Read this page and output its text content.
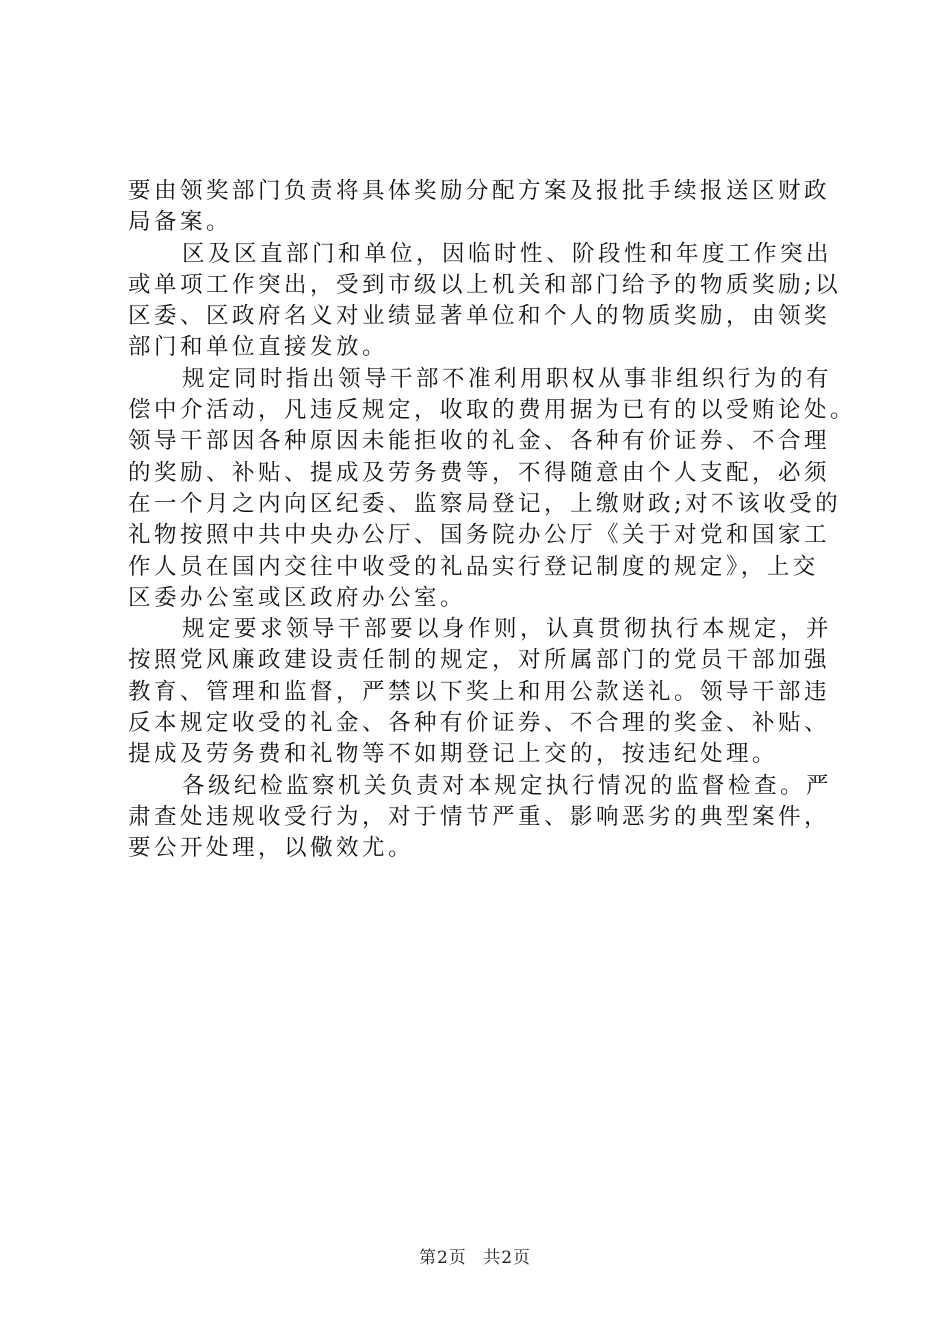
要由领奖部门负责将具体奖励分配方案及报批手续报送区财政
局备案。
区及区直部门和单位，因临时性、阶段性和年度工作突出
或单项工作突出，受到市级以上机关和部门给予的物质奖励;以
区委、区政府名义对业绩显著单位和个人的物质奖励，由领奖
部门和单位直接发放。
规定同时指出领导干部不准利用职权从事非组织行为的有
偿中介活动，凡违反规定，收取的费用据为已有的以受贿论处。
领导干部因各种原因未能拒收的礼金、各种有价证券、不合理
的奖励、补贴、提成及劳务费等，不得随意由个人支配，必须
在一个月之内向区纪委、监察局登记，上缴财政;对不该收受的
礼物按照中共中央办公厅、国务院办公厅《关于对党和国家工
作人员在国内交往中收受的礼品实行登记制度的规定》，上交
区委办公室或区政府办公室。
规定要求领导干部要以身作则，认真贯彻执行本规定，并
按照党风廉政建设责任制的规定，对所属部门的党员干部加强
教育、管理和监督，严禁以下奖上和用公款送礼。领导干部违
反本规定收受的礼金、各种有价证券、不合理的奖金、补贴、
提成及劳务费和礼物等不如期登记上交的，按违纪处理。
各级纪检监察机关负责对本规定执行情况的监督检查。严
肃查处违规收受行为，对于情节严重、影响恶劣的典型案件，
要公开处理，以儆效尤。
第2页 共2页
